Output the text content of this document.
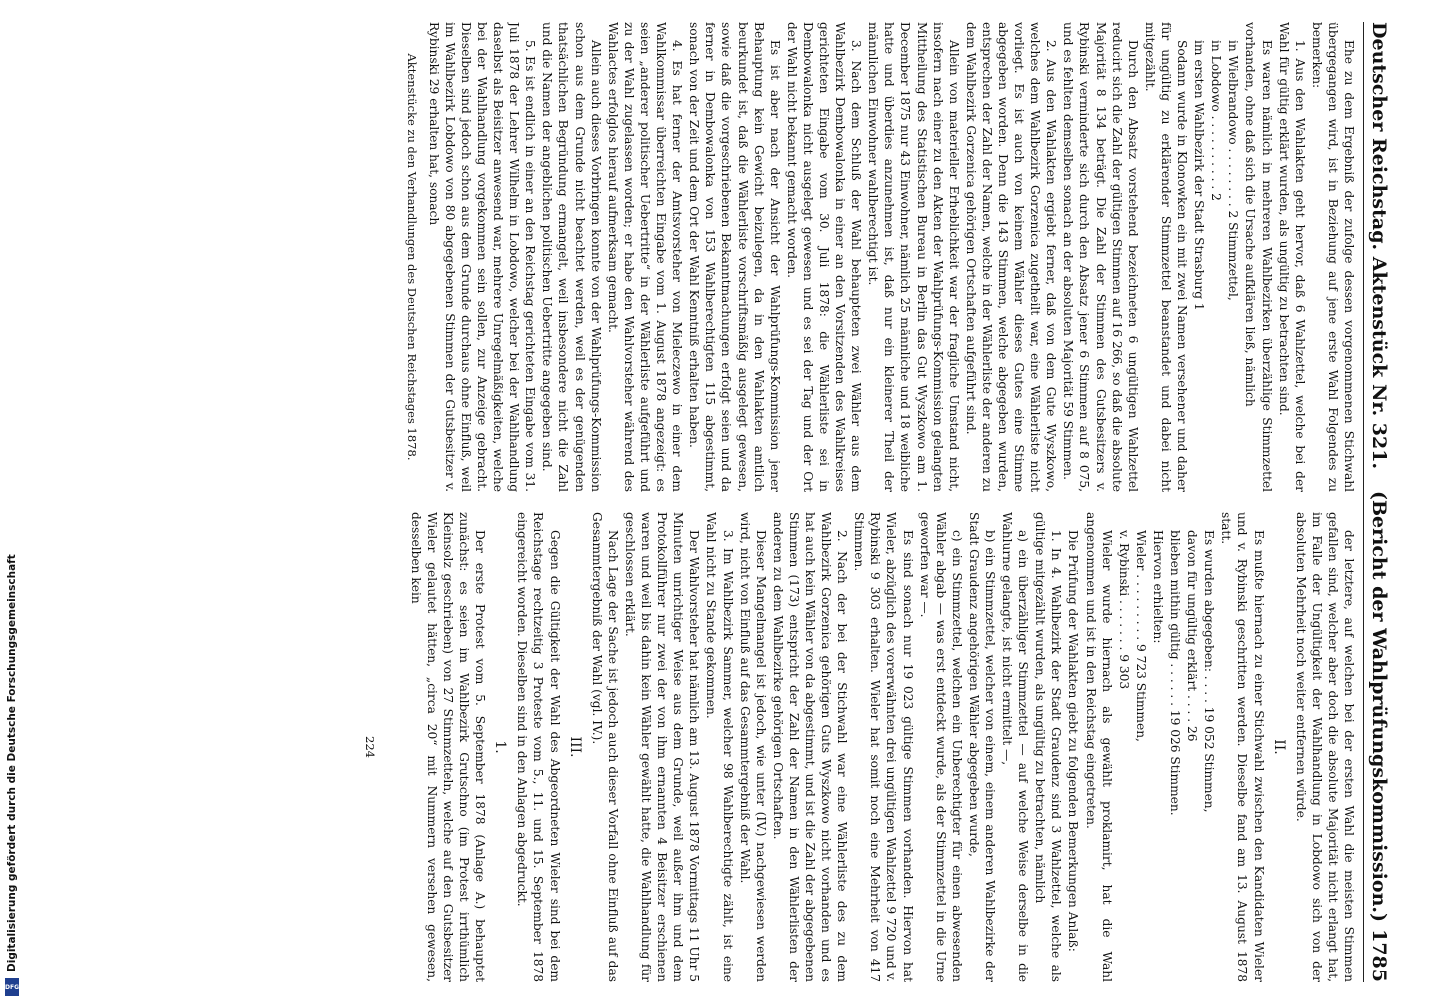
Deutscher Reichstag. Aktenstück Nr. 321.
(Bericht der Wahlprüfungskommission.)
1785

Ehe zu dem Ergebniß der zufolge dessen vorgenommenen Stichwahl übergegangen wird, ist in Beziehung auf jene erste Wahl Folgendes zu bemerken:

1. Aus den Wahlakten geht hervor, daß 6 Wahlzettel, welche bei der Wahl für gültig erklärt wurden, als ungültig zu betrachten sind.

Es waren nämlich in mehreren Wahlbezirken überzählige Stimmzettel vorhanden, ohne daß sich die Ursache aufklären ließ, nämlich

in Wielbrandowo . . . . . . . . 2 Stimmzettel,

in Lobdowo . . . . . . . . . . 2

im ersten Wahlbezirk der Stadt Strasburg 1

Sodann wurde in Klonowken ein mit zwei Namen versehener und daher für ungültig zu erklärender Stimmzettel beanstandet und dabei nicht mitgezählt.

Durch den Absatz vorstehend bezeichneten 6 ungültigen Wahlzettel reducirt sich die Zahl der gültigen Stimmen auf 16 266, so daß die absolute Majorität 8 134 beträgt. Die Zahl der Stimmen des Gutsbesitzers v. Rybinski verminderte sich durch den Absatz jener 6 Stimmen auf 8 075, und es fehlten demselben sonach an der absoluten Majorität 59 Stimmen.

2. Aus den Wahlakten ergiebt ferner, daß von dem Gute Wyszkowo, welches dem Wahlbezirk Gorzenica zugetheilt war, eine Wählerliste nicht vorliegt. Es ist auch von keinem Wähler dieses Gutes eine Stimme abgegeben worden. Denn die 143 Stimmen, welche abgegeben wurden, entsprechen der Zahl der Namen, welche in der Wählerliste der anderen zu dem Wahlbezirk Gorzenica gehörigen Ortschaften aufgeführt sind.

Allein von materieller Erheblichkeit war der fragliche Umstand nicht, insofern nach einer zu den Akten der Wahlprüfungs-Kommission gelangten Mittheilung des Statistischen Bureau in Berlin das Gut Wyszkowo am 1. December 1875 nur 43 Einwohner, nämlich 25 männliche und 18 weibliche hatte und überdies anzunehmen ist, daß nur ein kleinerer Theil der männlichen Einwohner wahlberechtigt ist.

3. Nach dem Schluß der Wahl behaupteten zwei Wähler aus dem Wahlbezirk Dembowalonka in einer an den Vorsitzenden des Wahlkreises gerichteten Eingabe vom 30. Juli 1878: die Wählerliste sei in Dembowalonka nicht ausgelegt gewesen und es sei der Tag und der Ort der Wahl nicht bekannt gemacht worden.

Es ist aber nach der Ansicht der Wahlprüfungs-Kommission jener Behauptung kein Gewicht beizulegen, da in den Wahlakten amtlich beurkundet ist, daß die Wählerliste vorschriftsmäßig ausgelegt gewesen, sowie daß die vorgeschriebenen Bekanntmachungen erfolgt seien und da ferner in Dembowalonka von 153 Wahlberechtigten 115 abgestimmt, sonach von der Zeit und dem Ort der Wahl Kenntniß erhalten haben.

4. Es hat ferner der Amtsvorsteher von Mieleczewo in einer dem Wahlkommissar überreichten Eingabe vom 1. August 1878 angezeigt: es seien „anderer politischer Uebertritte“ in der Wählerliste aufgeführt und zu der Wahl zugelassen worden; er habe den Wahlvorsteher während des Wahlactes erfolglos hierauf aufmerksam gemacht.

Allein auch dieses Vorbringen konnte von der Wahlprüfungs-Kommission schon aus dem Grunde nicht beachtet werden, weil es der genügenden thatsächlichen Begründung ermangelt, weil insbesondere nicht die Zahl und die Namen der angeblichen politischen Uebertritte angegeben sind.

5. Es ist endlich in einer an den Reichstag gerichteten Eingabe vom 31. Juli 1878 der Lehrer Wilhelm in Lobdowo, welcher bei der Wahlhandlung daselbst als Beisitzer anwesend war, mehrere Unregelmäßigkeiten, welche bei der Wahlhandlung vorgekommen sein sollen, zur Anzeige gebracht. Dieselben sind jedoch schon aus dem Grunde durchaus ohne Einfluß, weil im Wahlbezirk Lobdowo von 80 abgegebenen Stimmen der Gutsbesitzer v. Rybinski 29 erhalten hat, sonach

Aktenstücke zu den Verhandlungen des Deutschen Reichstages 1878.

der letztere, auf welchen bei der ersten Wahl die meisten Stimmen gefallen sind, welcher aber doch die absolute Majorität nicht erlangt hat, im Falle der Ungültigkeit der Wahlhandlung in Lobdowo sich von der absoluten Mehrheit noch weiter entfernen würde.

II.

Es mußte hiernach zu einer Stichwahl zwischen den Kandidaten Wieler und v. Rybinski geschritten werden. Dieselbe fand am 13. August 1878 statt.

Es wurden abgegeben: . . . . 19 052 Stimmen,

davon für ungültig erklärt . . . . 26

blieben mithin gültig . . . . . . 19 026 Stimmen.

Hiervon erhielten:

Wieler . . . . . . . . . 9 723 Stimmen,

v. Rybinski . . . . . . . 9 303

Wieler wurde hiernach als gewählt proklamirt, hat die Wahl angenommen und ist in den Reichstag eingetreten.

Die Prüfung der Wahlakten giebt zu folgenden Bemerkungen Anlaß:

1. In 4. Wahlbezirk der Stadt Graudenz sind 3 Wahlzettel, welche als gültige mitgezählt wurden, als ungültig zu betrachten, nämlich

a) ein überzähliger Stimmzettel — auf welche Weise derselbe in die Wahlurne gelangte, ist nicht ermittelt —,

b) ein Stimmzettel, welcher von einem, einem anderen Wahlbezirke der Stadt Graudenz angehörigen Wähler abgegeben wurde,

c) ein Stimmzettel, welchen ein Unberechtigter für einen abwesenden Wähler abgab — was erst entdeckt wurde, als der Stimmzettel in die Urne geworfen war —.

Es sind sonach nur 19 023 gültige Stimmen vorhanden. Hiervon hat Wieler, abzüglich des vorerwähnten drei ungültigen Wahlzettel 9 720 und v. Rybinski 9 303 erhalten. Wieler hat somit noch eine Mehrheit von 417 Stimmen.

2. Nach der bei der Stichwahl war eine Wählerliste des zu dem Wahlbezirk Gorzenica gehörigen Guts Wyszkowo nicht vorhanden und es hat auch kein Wähler von da abgestimmt, und ist die Zahl der abgegebenen Stimmen (173) entspricht der Zahl der Namen in den Wählerlisten der anderen zu dem Wahlbezirke gehörigen Ortschaften.

Dieser Mangelmangel ist jedoch, wie unter (IV.) nachgewiesen werden wird, nicht von Einfluß auf das Gesammtergebniß der Wahl.

3. Im Wahlbezirk Sammer, welcher 98 Wahlberechtigte zählt, ist eine Wahl nicht zu Stande gekommen.

Der Wahlvorsteher hat nämlich am 13. August 1878 Vormittags 11 Uhr 5 Minuten unrichtiger Weise aus dem Grunde, weil außer ihm und dem Protokollführer nur zwei der von ihm ernannten 4 Beisitzer erschienen waren und weil bis dahin kein Wähler gewählt hatte, die Wahlhandlung für geschlossen erklärt.

Nach Lage der Sache ist jedoch auch dieser Vorfall ohne Einfluß auf das Gesammtergebniß der Wahl (vgl. IV.).

III.

Gegen die Gültigkeit der Wahl des Abgeordneten Wieler sind bei dem Reichstage rechtzeitig 3 Proteste vom 5., 11. und 15. September 1878 eingereicht worden. Dieselben sind in den Anlagen abgedruckt.

1.

Der erste Protest vom 5. September 1878 (Anlage A.) behauptet zunächst: es seien im Wahlbezirk Grutschno (im Protest irrthümlich Kleinsolz geschrieben) von 27 Stimmzetteln, welche auf den Gutsbesitzer Wieler gelautet hätten, „circa 20“ mit Nummern versehen gewesen, desselben kein

224

Digitalisierung gefördert durch die Deutsche Forschungsgemeinschaft
DFG
